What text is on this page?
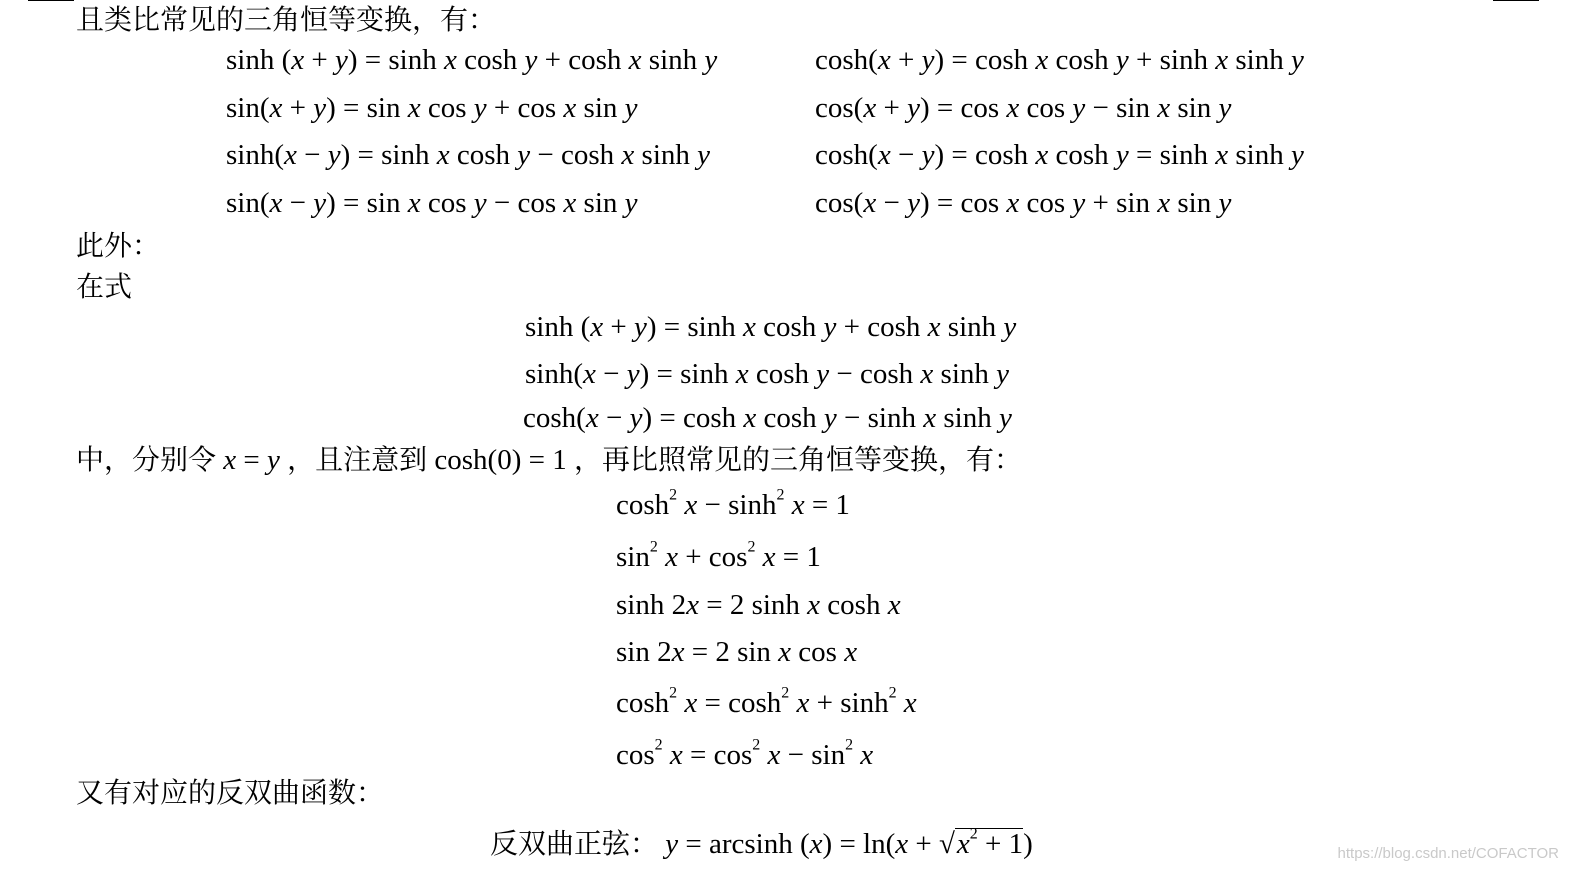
且类比常见的三角恒等变换，有：
sinh (x + y) = sinh x cosh y + cosh x sinh y
sin(x + y) = sin x cos y + cos x sin y
sinh(x − y) = sinh x cosh y − cosh x sinh y
sin(x − y) = sin x cos y − cos x sin y
cosh(x + y) = cosh x cosh y + sinh x sinh y
cos(x + y) = cos x cos y − sin x sin y
cosh(x − y) = cosh x cosh y = sinh x sinh y
cos(x − y) = cos x cos y + sin x sin y
此外：
在式
sinh (x + y) = sinh x cosh y + cosh x sinh y
sinh(x − y) = sinh x cosh y − cosh x sinh y
cosh(x − y) = cosh x cosh y − sinh x sinh y
中，分别令 x = y ，且注意到 cosh(0) = 1 ，再比照常见的三角恒等变换，有：
$\cosh^2 x - \sinh^2 x = 1$
$\sin^2 x + \cos^2 x = 1$
sinh 2x = 2 sinh x cosh x
sin 2x = 2 sin x cos x
$\cosh^2 x = \cosh^2 x + \sinh^2 x$
$\cos^2 x = \cos^2 x - \sin^2 x$
又有对应的反双曲函数：
反双曲正弦： y = arcsinh $(x) = \ln(x + √x^2 + 1)$	https://blog.csdn.net/COFACTOR
